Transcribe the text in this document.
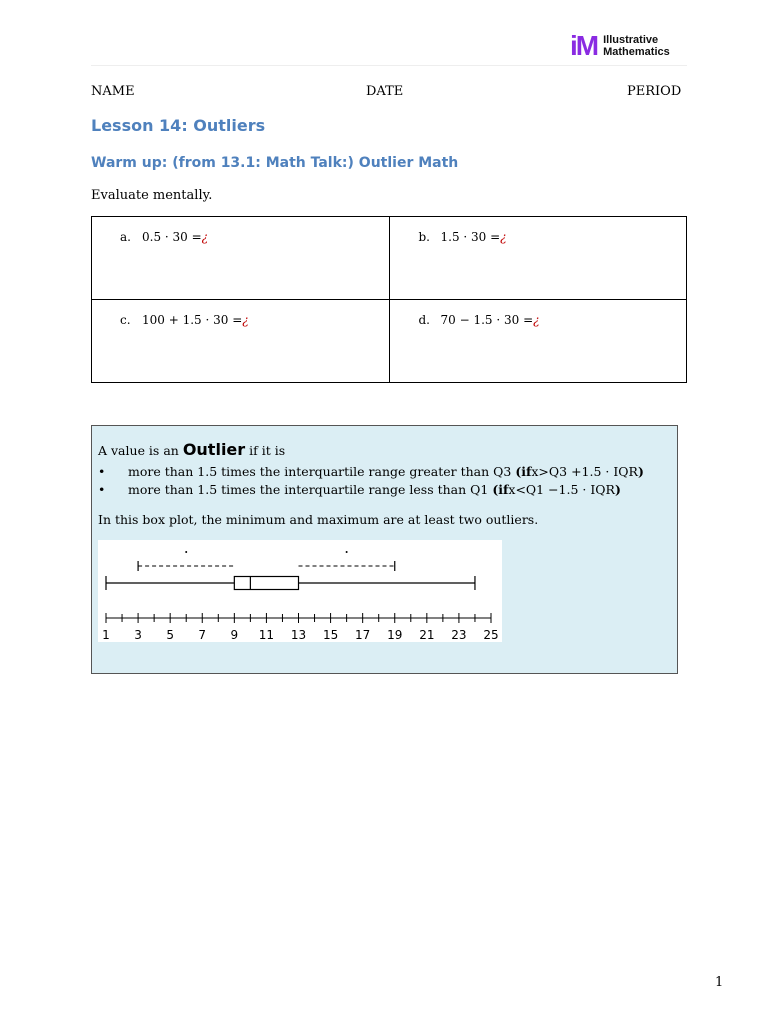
iM Illustrative
Mathematics
NAME	DATE	PERIOD
Lesson 14: Outliers
Warm up: (from 13.1: Math Talk:) Outlier Math
Evaluate mentally.
a. 0.5 · 30 =¿	b. 1.5 · 30 =¿

c. 100 + 1.5 · 30 =¿	d. 70 − 1.5 · 30 =¿
A value is an Outlier if it is
• more than 1.5 times the interquartile range greater than Q3 (ifx>Q3 +1.5 · IQR)
• more than 1.5 times the interquartile range less than Q1 (ifx<Q1 −1.5 · IQR)
In this box plot, the minimum and maximum are at least two outliers.
1 3 5 7 9 11 13 15 17 19 21 23 25
1
